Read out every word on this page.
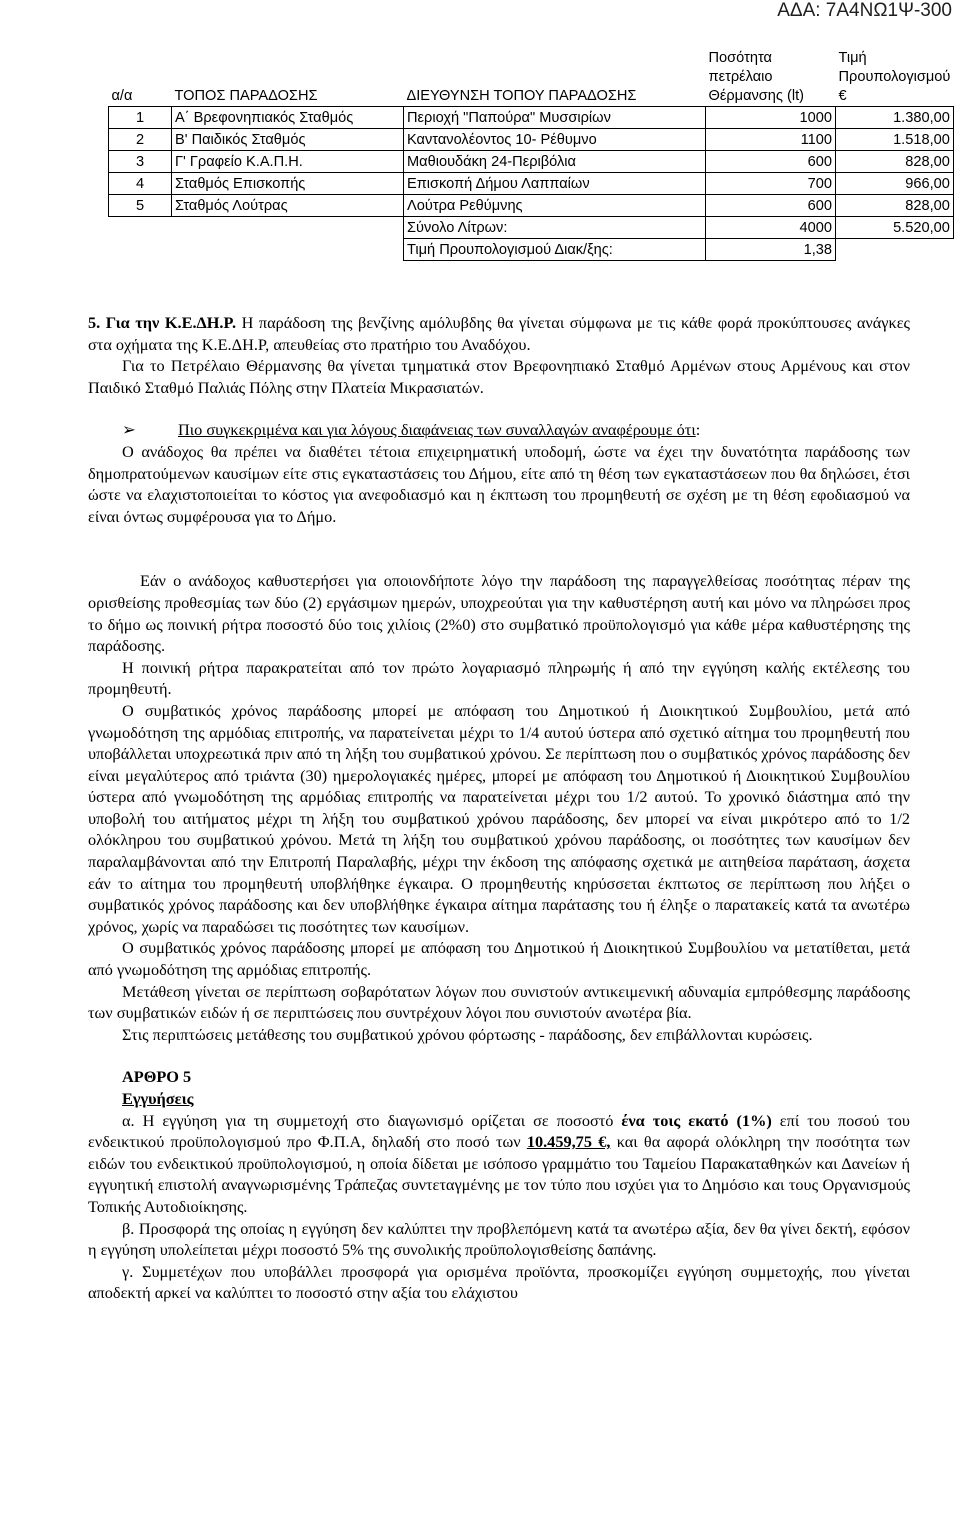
ΑΔΑ: 7Α4ΝΩ1Ψ-300
α/α	ΤΟΠΟΣ ΠΑΡΑΔΟΣΗΣ	ΔΙΕΥΘΥΝΣΗ ΤΟΠΟΥ ΠΑΡΑΔΟΣΗΣ	Ποσότητα πετρέλαιο Θέρμανσης (lt)	Τιμή Προυπολογισμού €
1	Α΄ Βρεφονηπιακός Σταθμός	Περιοχή "Παπούρα" Μυσσιρίων	1000	1.380,00
2	Β' Παιδικός Σταθμός	Καντανολέοντος 10- Ρέθυμνο	1100	1.518,00
3	Γ' Γραφείο Κ.Α.Π.Η.	Μαθιουδάκη 24-Περιβόλια	600	828,00
4	Σταθμός Επισκοπής	Επισκοπή Δήμου Λαππαίων	700	966,00
5	Σταθμός Λούτρας	Λούτρα Ρεθύμνης	600	828,00
		Σύνολο Λίτρων:	4000	5.520,00
		Τιμή Προυπολογισμού Διακ/ξης:	1,38	

5. Για την Κ.Ε.ΔΗ.Ρ. Η παράδοση της βενζίνης αμόλυβδης θα γίνεται σύμφωνα με τις κάθε φορά προκύπτουσες ανάγκες στα οχήματα της Κ.Ε.ΔΗ.Ρ, απευθείας στο πρατήριο του Αναδόχου.

Για το Πετρέλαιο Θέρμανσης θα γίνεται τμηματικά στον Βρεφονηπιακό Σταθμό Αρμένων στους Αρμένους και στον Παιδικό Σταθμό Παλιάς Πόλης στην Πλατεία Μικρασιατών.

➢	Πιο συγκεκριμένα και για λόγους διαφάνειας των συναλλαγών αναφέρουμε ότι:

Ο ανάδοχος θα πρέπει να διαθέτει τέτοια επιχειρηματική υποδομή, ώστε να έχει την δυνατότητα παράδοσης των δημοπρατούμενων καυσίμων είτε στις εγκαταστάσεις του Δήμου, είτε από τη θέση των εγκαταστάσεων που θα δηλώσει, έτσι ώστε να ελαχιστοποιείται το κόστος για ανεφοδιασμό και η έκπτωση του προμηθευτή σε σχέση με τη θέση εφοδιασμού να είναι όντως συμφέρουσα για το Δήμο.

Εάν ο ανάδοχος καθυστερήσει για οποιονδήποτε λόγο την παράδοση της παραγγελθείσας ποσότητας πέραν της ορισθείσης προθεσμίας των δύο (2) εργάσιμων ημερών, υποχρεούται για την καθυστέρηση αυτή και μόνο να πληρώσει προς το δήμο ως ποινική ρήτρα ποσοστό δύο τοις χιλίοις (2%0) στο συμβατικό προϋπολογισμό για κάθε μέρα καθυστέρησης της παράδοσης.

Η ποινική ρήτρα παρακρατείται από τον πρώτο λογαριασμό πληρωμής ή από την εγγύηση καλής εκτέλεσης του προμηθευτή.

Ο συμβατικός χρόνος παράδοσης μπορεί με απόφαση του Δημοτικού ή Διοικητικού Συμβουλίου, μετά από γνωμοδότηση της αρμόδιας επιτροπής, να παρατείνεται μέχρι το 1/4 αυτού ύστερα από σχετικό αίτημα του προμηθευτή που υποβάλλεται υποχρεωτικά πριν από τη λήξη του συμβατικού χρόνου. Σε περίπτωση που ο συμβατικός χρόνος παράδοσης δεν είναι μεγαλύτερος από τριάντα (30) ημερολογιακές ημέρες, μπορεί με απόφαση του Δημοτικού ή Διοικητικού Συμβουλίου ύστερα από γνωμοδότηση της αρμόδιας επιτροπής να παρατείνεται μέχρι του 1/2 αυτού. Το χρονικό διάστημα από την υποβολή του αιτήματος μέχρι τη λήξη του συμβατικού χρόνου παράδοσης, δεν μπορεί να είναι μικρότερο από το 1/2 ολόκληρου του συμβατικού χρόνου. Μετά τη λήξη του συμβατικού χρόνου παράδοσης, οι ποσότητες των καυσίμων δεν παραλαμβάνονται από την Επιτροπή Παραλαβής, μέχρι την έκδοση της απόφασης σχετικά με αιτηθείσα παράταση, άσχετα εάν το αίτημα του προμηθευτή υποβλήθηκε έγκαιρα. Ο προμηθευτής κηρύσσεται έκπτωτος σε περίπτωση που λήξει ο συμβατικός χρόνος παράδοσης και δεν υποβλήθηκε έγκαιρα αίτημα παράτασης του ή έληξε ο παρατακείς κατά τα ανωτέρω χρόνος, χωρίς να παραδώσει τις ποσότητες των καυσίμων.

Ο συμβατικός χρόνος παράδοσης μπορεί με απόφαση του Δημοτικού ή Διοικητικού Συμβουλίου να μετατίθεται, μετά από γνωμοδότηση της αρμόδιας επιτροπής.

Μετάθεση γίνεται σε περίπτωση σοβαρότατων λόγων που συνιστούν αντικειμενική αδυναμία εμπρόθεσμης παράδοσης των συμβατικών ειδών ή σε περιπτώσεις που συντρέχουν λόγοι που συνιστούν ανωτέρα βία.

Στις περιπτώσεις μετάθεσης του συμβατικού χρόνου φόρτωσης - παράδοσης, δεν επιβάλλονται κυρώσεις.

ΑΡΘΡΟ 5

Εγγυήσεις

α. Η εγγύηση για τη συμμετοχή στο διαγωνισμό ορίζεται σε ποσοστό ένα τοις εκατό (1%) επί του ποσού του ενδεικτικού προϋπολογισμού προ Φ.Π.Α, δηλαδή στο ποσό των 10.459,75 €, και θα αφορά ολόκληρη την ποσότητα των ειδών του ενδεικτικού προϋπολογισμού, η οποία δίδεται με ισόποσο γραμμάτιο του Ταμείου Παρακαταθηκών και Δανείων ή εγγυητική επιστολή αναγνωρισμένης Τράπεζας συντεταγμένης με τον τύπο που ισχύει για το Δημόσιο και τους Οργανισμούς Τοπικής Αυτοδιοίκησης.

β. Προσφορά της οποίας η εγγύηση δεν καλύπτει την προβλεπόμενη κατά τα ανωτέρω αξία, δεν θα γίνει δεκτή, εφόσον η εγγύηση υπολείπεται μέχρι ποσοστό 5% της συνολικής προϋπολογισθείσης δαπάνης.

γ. Συμμετέχων που υποβάλλει προσφορά για ορισμένα προϊόντα, προσκομίζει εγγύηση συμμετοχής, που γίνεται αποδεκτή αρκεί να καλύπτει το ποσοστό στην αξία του ελάχιστου
